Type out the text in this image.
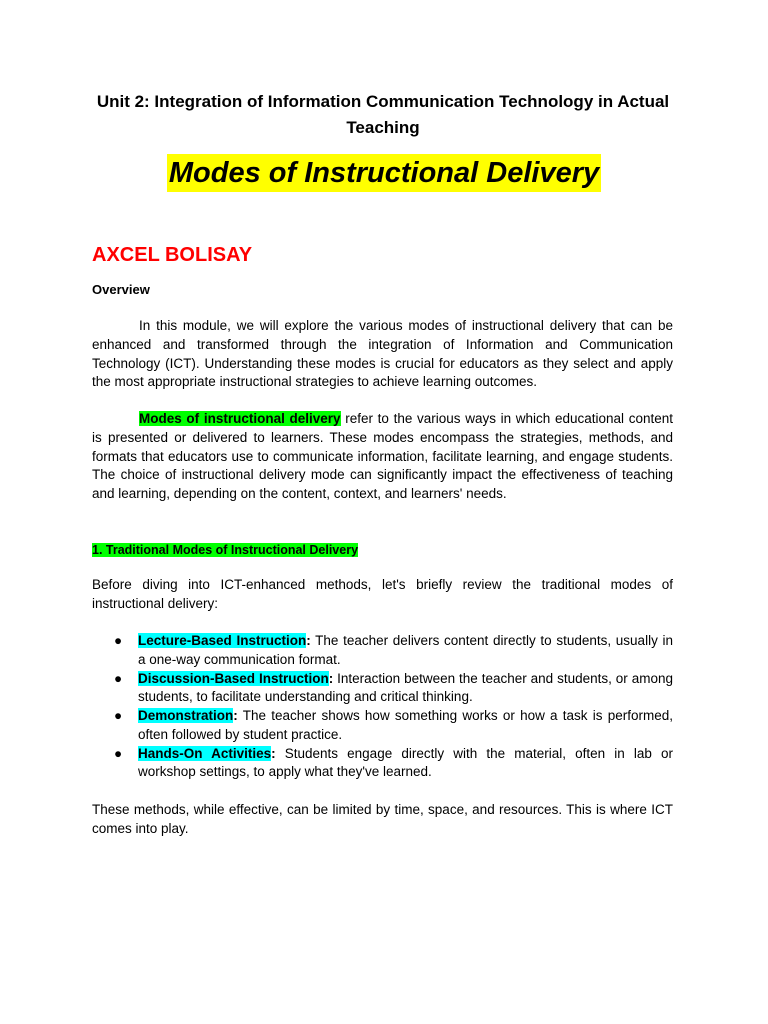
Unit 2: Integration of Information Communication Technology in Actual Teaching
Modes of Instructional Delivery
AXCEL BOLISAY

Overview

In this module, we will explore the various modes of instructional delivery that can be enhanced and transformed through the integration of Information and Communication Technology (ICT). Understanding these modes is crucial for educators as they select and apply the most appropriate instructional strategies to achieve learning outcomes.

Modes of instructional delivery refer to the various ways in which educational content is presented or delivered to learners. These modes encompass the strategies, methods, and formats that educators use to communicate information, facilitate learning, and engage students. The choice of instructional delivery mode can significantly impact the effectiveness of teaching and learning, depending on the content, context, and learners' needs.

1. Traditional Modes of Instructional Delivery

Before diving into ICT-enhanced methods, let's briefly review the traditional modes of instructional delivery:

● Lecture-Based Instruction: The teacher delivers content directly to students, usually in a one-way communication format.
● Discussion-Based Instruction: Interaction between the teacher and students, or among students, to facilitate understanding and critical thinking.
● Demonstration: The teacher shows how something works or how a task is performed, often followed by student practice.
● Hands-On Activities: Students engage directly with the material, often in lab or workshop settings, to apply what they've learned.

These methods, while effective, can be limited by time, space, and resources. This is where ICT comes into play.
